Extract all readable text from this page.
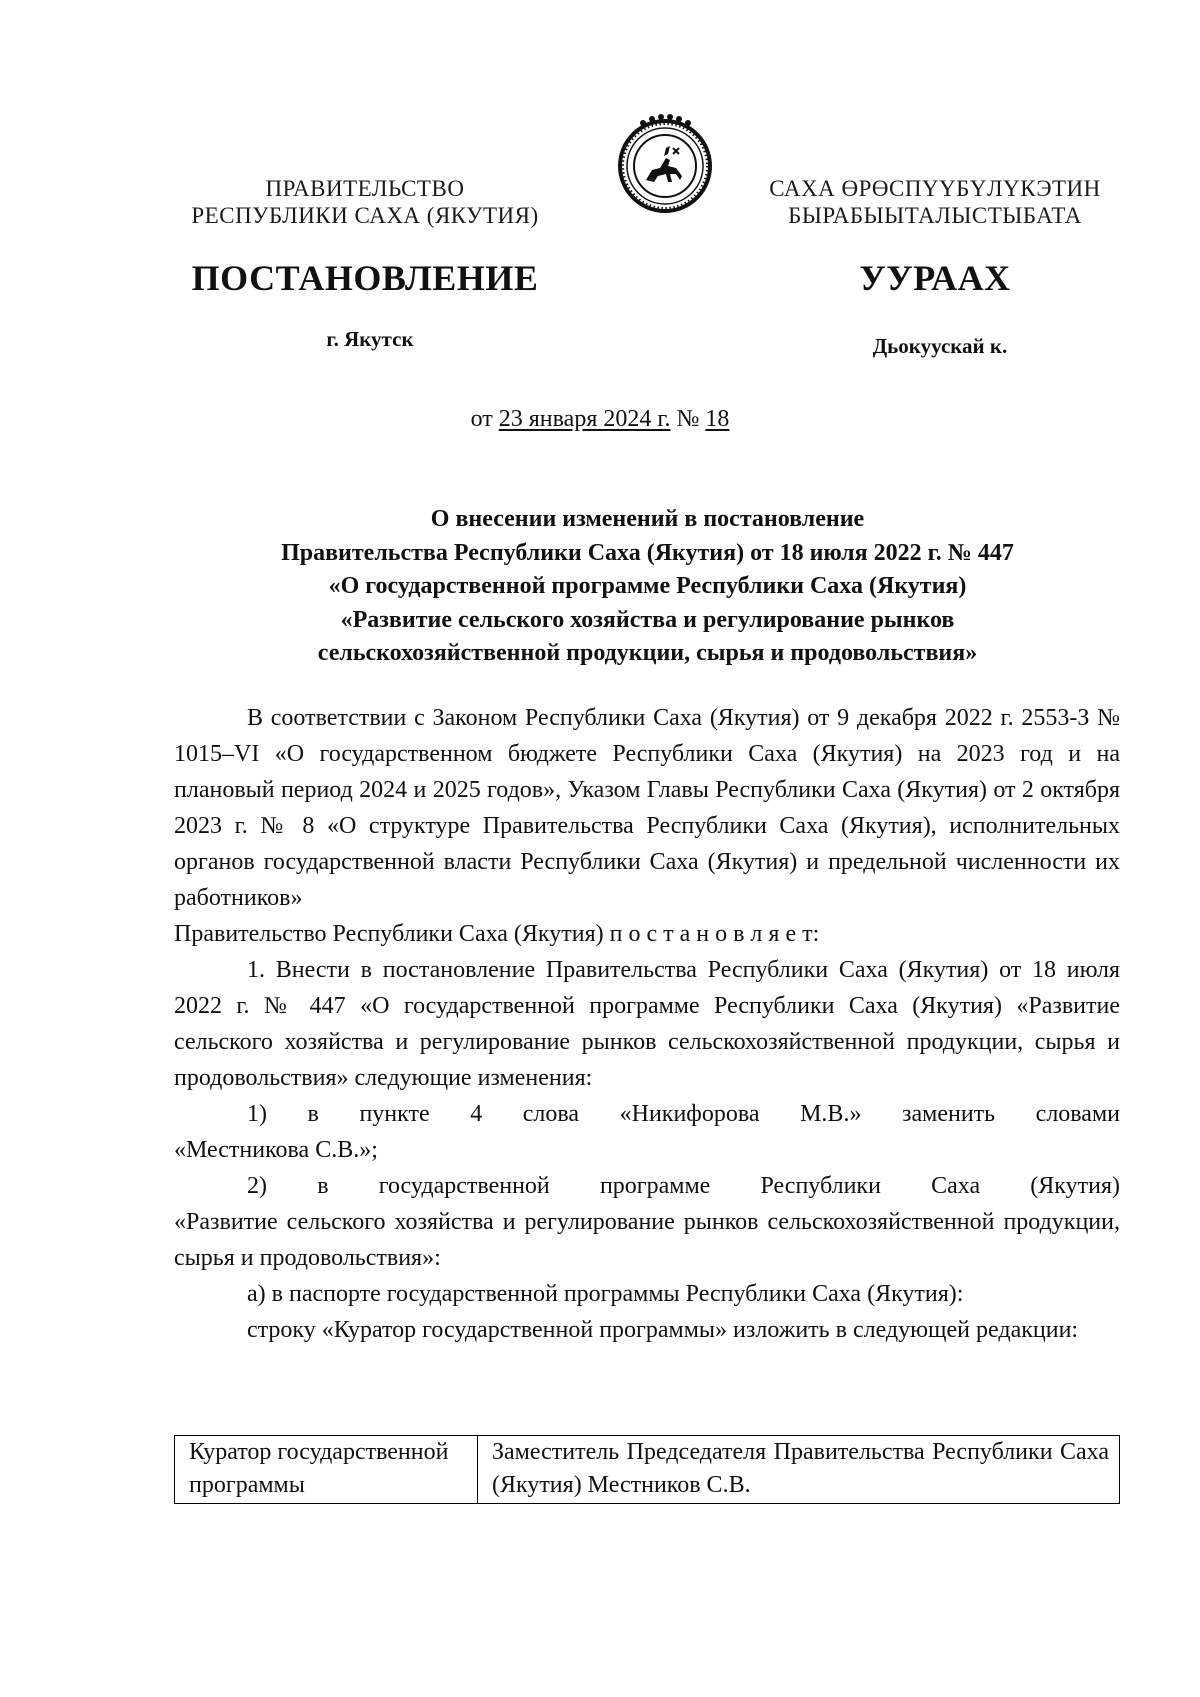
ПРАВИТЕЛЬСТВО
РЕСПУБЛИКИ САХА (ЯКУТИЯ)
САХА ӨРӨСПҮҮБҮЛҮКЭТИН
БЫРАБЫЫТАЛЫСТЫБАТА
ПОСТАНОВЛЕНИЕ	УУРААХ
г. Якутск	Дьокуускай к.
от 23 января 2024 г. № 18
О внесении изменений в постановление
Правительства Республики Саха (Якутия) от 18 июля 2022 г. № 447
«О государственной программе Республики Саха (Якутия)
«Развитие сельского хозяйства и регулирование рынков
сельскохозяйственной продукции, сырья и продовольствия»

В соответствии с Законом Республики Саха (Якутия) от 9 декабря 2022 г. 2553-З № 1015–VI «О государственном бюджете Республики Саха (Якутия) на 2023 год и на плановый период 2024 и 2025 годов», Указом Главы Республики Саха (Якутия) от 2 октября 2023 г. № 8 «О структуре Правительства Республики Саха (Якутия), исполнительных органов государственной власти Республики Саха (Якутия) и предельной численности их работников»

Правительство Республики Саха (Якутия) п о с т а н о в л я е т:

1. Внести в постановление Правительства Республики Саха (Якутия) от 18 июля 2022 г. № 447 «О государственной программе Республики Саха (Якутия) «Развитие сельского хозяйства и регулирование рынков сельскохозяйственной продукции, сырья и продовольствия» следующие изменения:

1) в пункте 4 слова «Никифорова М.В.» заменить словами

«Местникова С.В.»;

2) в государственной программе Республики Саха (Якутия)

«Развитие сельского хозяйства и регулирование рынков сельскохозяйственной продукции, сырья и продовольствия»:

а) в паспорте государственной программы Республики Саха (Якутия):

строку «Куратор государственной программы» изложить в следующей редакции:

Куратор государственной программы	Заместитель Председателя Правительства Республики Саха (Якутия) Местников С.В.
